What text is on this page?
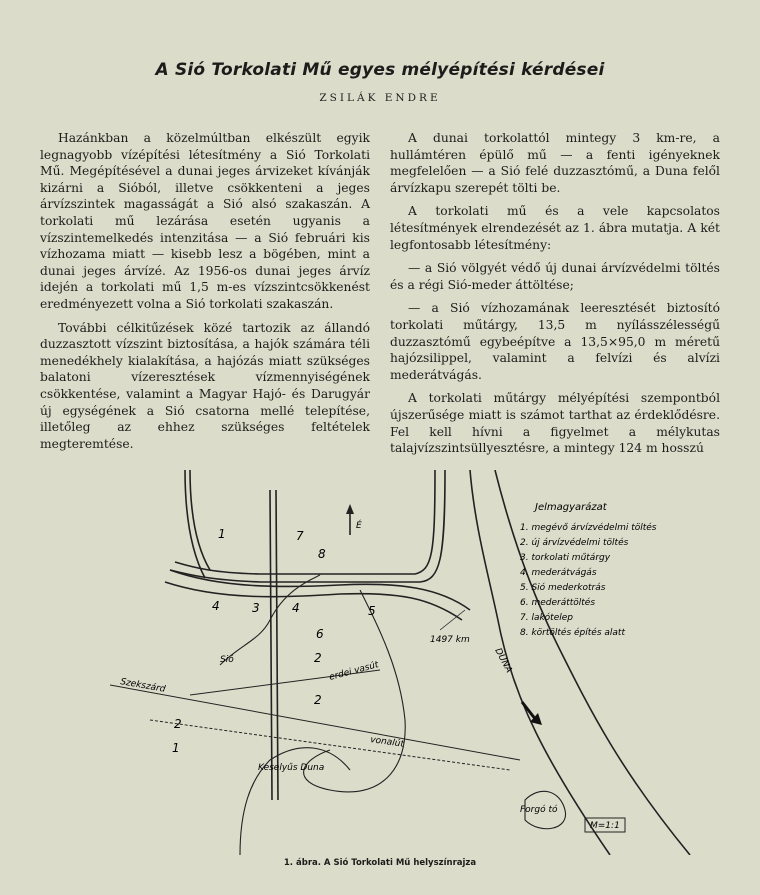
A Sió Torkolati Mű egyes mélyépítési kérdései
ZSILÁK ENDRE

Hazánkban a közelmúltban elkészült egyik legnagyobb vízépítési létesítmény a Sió Torkolati Mű. Megépítésével a dunai jeges árvizeket kívánják kizárni a Sióból, illetve csökkenteni a jeges árvízszintek magasságát a Sió alsó szakaszán. A torkolati mű lezárása esetén ugyanis a vízszintemelkedés intenzitása — a Sió februári kis vízhozama miatt — kisebb lesz a bögében, mint a dunai jeges árvízé. Az 1956-os dunai jeges árvíz idején a torkolati mű 1,5 m-es vízszintcsökkenést eredményezett volna a Sió torkolati szakaszán.

További célkitűzések közé tartozik az állandó duzzasztott vízszint biztosítása, a hajók számára téli menedékhely kialakítása, a hajózás miatt szükséges balatoni vízeresztések vízmennyiségének csökkentése, valamint a Magyar Hajó- és Darugyár új egységének a Sió csatorna mellé telepítése, illetőleg az ehhez szükséges feltételek megteremtése.

A dunai torkolattól mintegy 3 km-re, a hullámtéren épülő mű — a fenti igényeknek megfelelően — a Sió felé duzzasztómű, a Duna felől árvízkapu szerepét tölti be.

A torkolati mű és a vele kapcsolatos létesítmények elrendezését az 1. ábra mutatja. A két legfontosabb létesítmény:

— a Sió völgyét védő új dunai árvízvédelmi töltés és a régi Sió-meder áttöltése;

— a Sió vízhozamának leeresztését biztosító torkolati műtárgy, 13,5 m nyílásszélességű duzzasztómű egybeépítve a 13,5×95,0 m méretű hajózsilippel, valamint a felvízi és alvízi mederátvágás.

A torkolati műtárgy mélyépítési szempontból újszerűsége miatt is számot tarthat az érdeklődésre. Fel kell hívni a figyelmet a mélykutas talajvízszintsüllyesztésre, a mintegy 124 m hosszú

É
M=1:1
1	7
8
4	3	4	5
6
2
2
2
1
Sió
Szekszárd
erdei vasút
vonalút
Keselyűs Duna
DUNA
1497 km
Forgó tó
Jelmagyarázat
1. megévő árvízvédelmi töltés
2. új árvízvédelmi töltés
3. torkolati műtárgy
4. mederátvágás
5. Sió mederkotrás
6. mederáttöltés
7. lakótelep
8. körtöltés építés alatt
1. ábra. A Sió Torkolati Mű helyszínrajza
